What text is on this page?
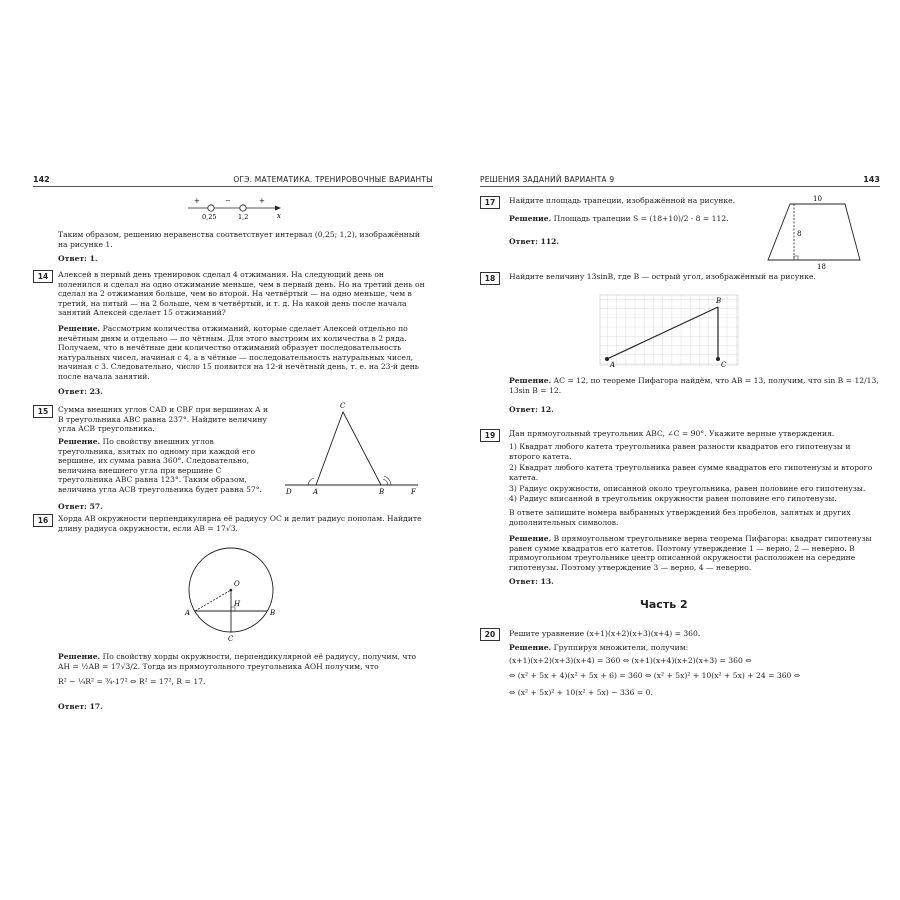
142	ОГЭ. МАТЕМАТИКА. ТРЕНИРОВОЧНЫЕ ВАРИАНТЫ
+	−	+
0,25	1,2	x

Таким образом, решению неравенства соответствует интервал (0,25; 1,2), изображённый на рисунке 1.

Ответ: 1.

14	Алексей в первый день тренировок сделал 4 отжимания. На следующий день он поленился и сделал на одно отжимание меньше, чем в первый день. Но на третий день он сделал на 2 отжимания больше, чем во второй. На четвёртый — на одно меньше, чем в третий, на пятый — на 2 больше, чем в четвёртый, и т. д. На какой день после начала занятий Алексей сделает 15 отжиманий?

Решение. Рассмотрим количества отжиманий, которые сделает Алексей отдельно по нечётным дням и отдельно — по чётным. Для этого выстроим их количества в 2 ряда. Получаем, что в нечётные дни количество отжиманий образует последовательность натуральных чисел, начиная с 4, а в чётные — последовательность натуральных чисел, начиная с 3. Следовательно, число 15 появится на 12-й нечётный день, т. е. на 23-й день после начала занятий.

Ответ: 23.

15	Сумма внешних углов CAD и CBF при вершинах A и B треугольника ABC равна 237°. Найдите величину угла ACB треугольника.

Решение. По свойству внешних углов треугольника, взятых по одному при каждой его вершине, их сумма равна 360°. Следовательно, величина внешнего угла при вершине C треугольника ABC равна 123°. Таким образом, величина угла ACB треугольника будет равна 57°.

Ответ: 57.

C
D	A	B	F
16	Хорда AB окружности перпендикулярна её радиусу OC и делит радиус пополам. Найдите длину радиуса окружности, если AB = 17√3.

O
A	B
H
C

Решение. По свойству хорды окружности, перпендикулярной её радиусу, получим, что AH = ½AB = 17√3/2. Тогда из прямоугольного треугольника AOH получим, что

R² − ¼R² = ¾·17² ⇔ R² = 17², R = 17.

Ответ: 17.

РЕШЕНИЯ ЗАДАНИЙ ВАРИАНТА 9	143
17	Найдите площадь трапеции, изображённой на рисунке.

Решение. Площадь трапеции S = (18+10)/2 · 8 = 112.

Ответ: 112.

10
8
18
18	Найдите величину 13sinB, где B — острый угол, изображённый на рисунке.

A
B
C

Решение. AC = 12, по теореме Пифагора найдём, что AB = 13, получим, что sin B = 12/13, 13sin B = 12.

Ответ: 12.

19	Дан прямоугольный треугольник ABC, ∠C = 90°. Укажите верные утверждения.

1) Квадрат любого катета треугольника равен разности квадратов его гипотенузы и второго катета.

2) Квадрат любого катета треугольника равен сумме квадратов его гипотенузы и второго катета.

3) Радиус окружности, описанной около треугольника, равен половине его гипотенузы.

4) Радиус вписанной в треугольник окружности равен половине его гипотенузы.

В ответе запишите номера выбранных утверждений без пробелов, запятых и других дополнительных символов.

Решение. В прямоугольном треугольнике верна теорема Пифагора: квадрат гипотенузы равен сумме квадратов его катетов. Поэтому утверждение 1 — верно, 2 — неверно. В прямоугольном треугольнике центр описанной окружности расположен на середине гипотенузы. Поэтому утверждение 3 — верно, 4 — неверно.

Ответ: 13.

Часть 2
20	Решите уравнение (x+1)(x+2)(x+3)(x+4) = 360.

Решение. Группируя множители, получим:

(x+1)(x+2)(x+3)(x+4) = 360 ⇔ (x+1)(x+4)(x+2)(x+3) = 360 ⇔

⇔ (x² + 5x + 4)(x² + 5x + 6) = 360 ⇔ (x² + 5x)² + 10(x² + 5x) + 24 = 360 ⇔

⇔ (x² + 5x)² + 10(x² + 5x) − 336 = 0.
